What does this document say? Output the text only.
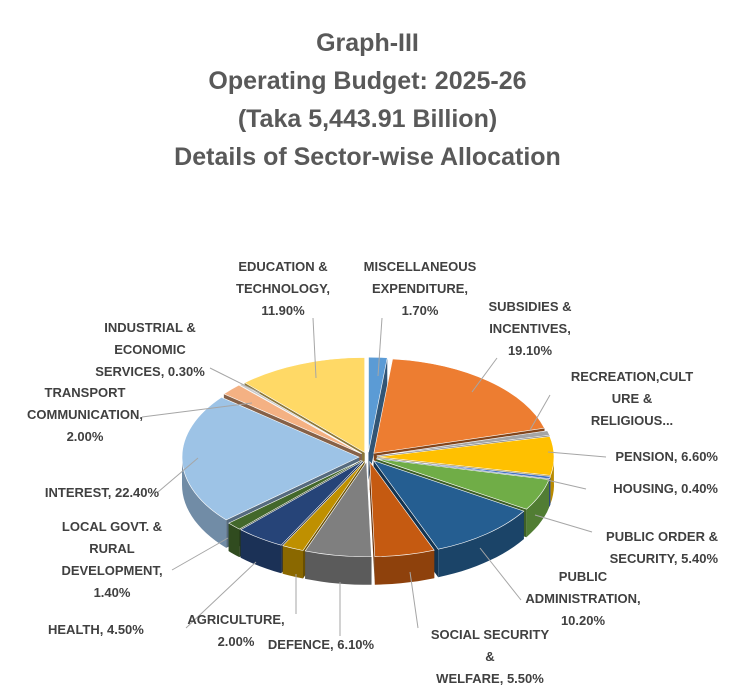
Graph-III
Operating Budget: 2025-26
(Taka 5,443.91 Billion)
Details of Sector-wise Allocation
MISCELLANEOUS EXPENDITURE, 1.70%	SUBSIDIES & INCENTIVES, 19.10%
RECREATION,CULT URE & RELIGIOUS...
PENSION, 6.60%
HOUSING, 0.40%
PUBLIC ORDER & SECURITY, 5.40%
PUBLIC ADMINISTRATION, 10.20%
SOCIAL SECURITY & WELFARE, 5.50%
DEFENCE, 6.10%
AGRICULTURE, 2.00%
HEALTH, 4.50%
LOCAL GOVT. & RURAL DEVELOPMENT, 1.40%
INTEREST, 22.40%
TRANSPORT COMMUNICATION, 2.00%
INDUSTRIAL & ECONOMIC SERVICES, 0.30%
EDUCATION & TECHNOLOGY, 11.90%
